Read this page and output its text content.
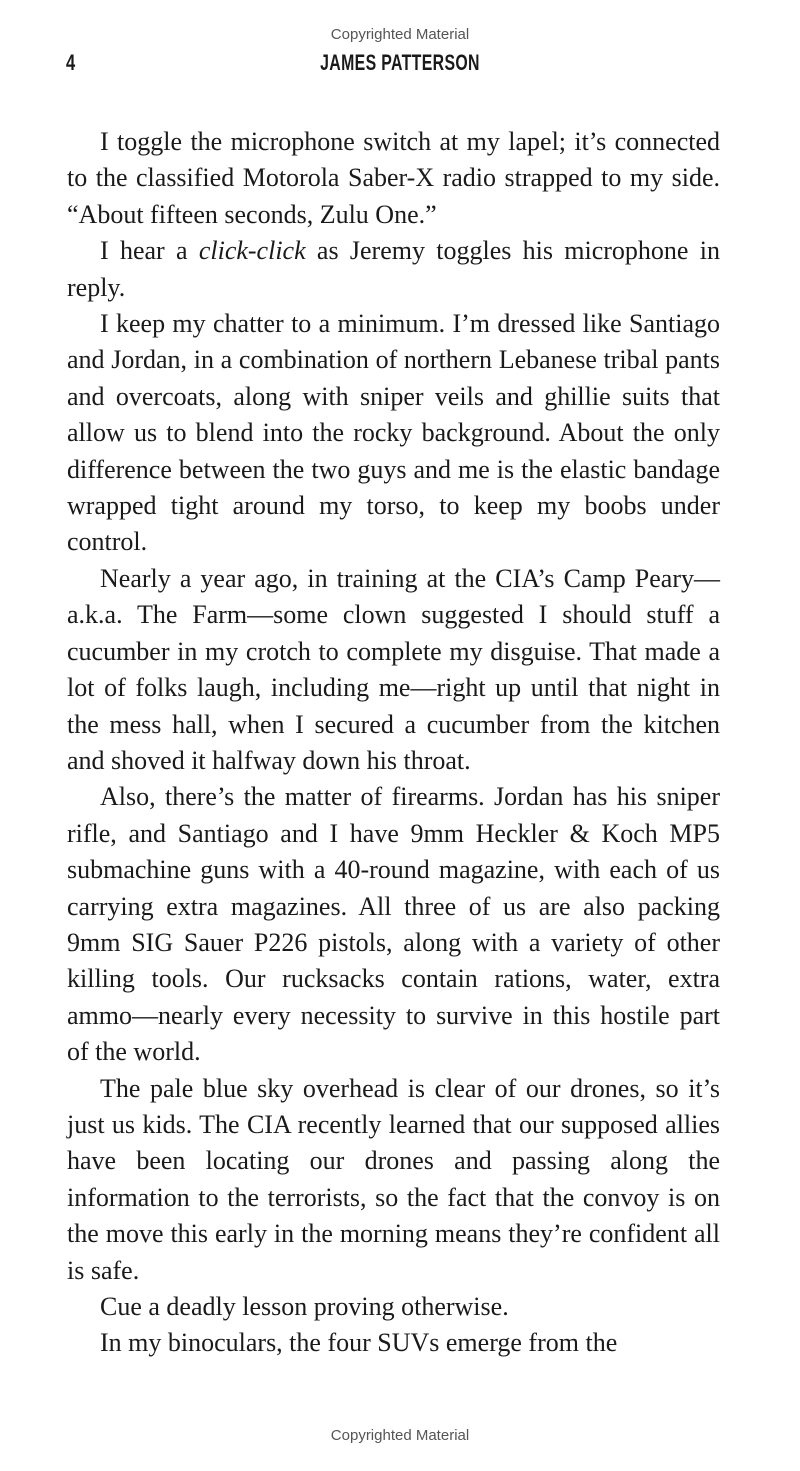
Copyrighted Material
4	JAMES PATTERSON

I toggle the microphone switch at my lapel; it’s connected to the classified Motorola Saber-X radio strapped to my side. “About fifteen seconds, Zulu One.”

I hear a click-click as Jeremy toggles his microphone in reply.

I keep my chatter to a minimum. I’m dressed like Santiago and Jordan, in a combination of northern Lebanese tribal pants and overcoats, along with sniper veils and ghillie suits that allow us to blend into the rocky background. About the only difference between the two guys and me is the elastic bandage wrapped tight around my torso, to keep my boobs under control.

Nearly a year ago, in training at the CIA’s Camp Peary—a.k.a. The Farm—some clown suggested I should stuff a cucumber in my crotch to complete my disguise. That made a lot of folks laugh, including me—right up until that night in the mess hall, when I secured a cucumber from the kitchen and shoved it halfway down his throat.

Also, there’s the matter of firearms. Jordan has his sniper rifle, and Santiago and I have 9mm Heckler & Koch MP5 submachine guns with a 40-round magazine, with each of us carrying extra magazines. All three of us are also packing 9mm SIG Sauer P226 pistols, along with a variety of other killing tools. Our rucksacks contain rations, water, extra ammo—nearly every necessity to survive in this hostile part of the world.

The pale blue sky overhead is clear of our drones, so it’s just us kids. The CIA recently learned that our supposed allies have been locating our drones and passing along the information to the terrorists, so the fact that the convoy is on the move this early in the morning means they’re confident all is safe.

Cue a deadly lesson proving otherwise.

In my binoculars, the four SUVs emerge from the

Copyrighted Material
